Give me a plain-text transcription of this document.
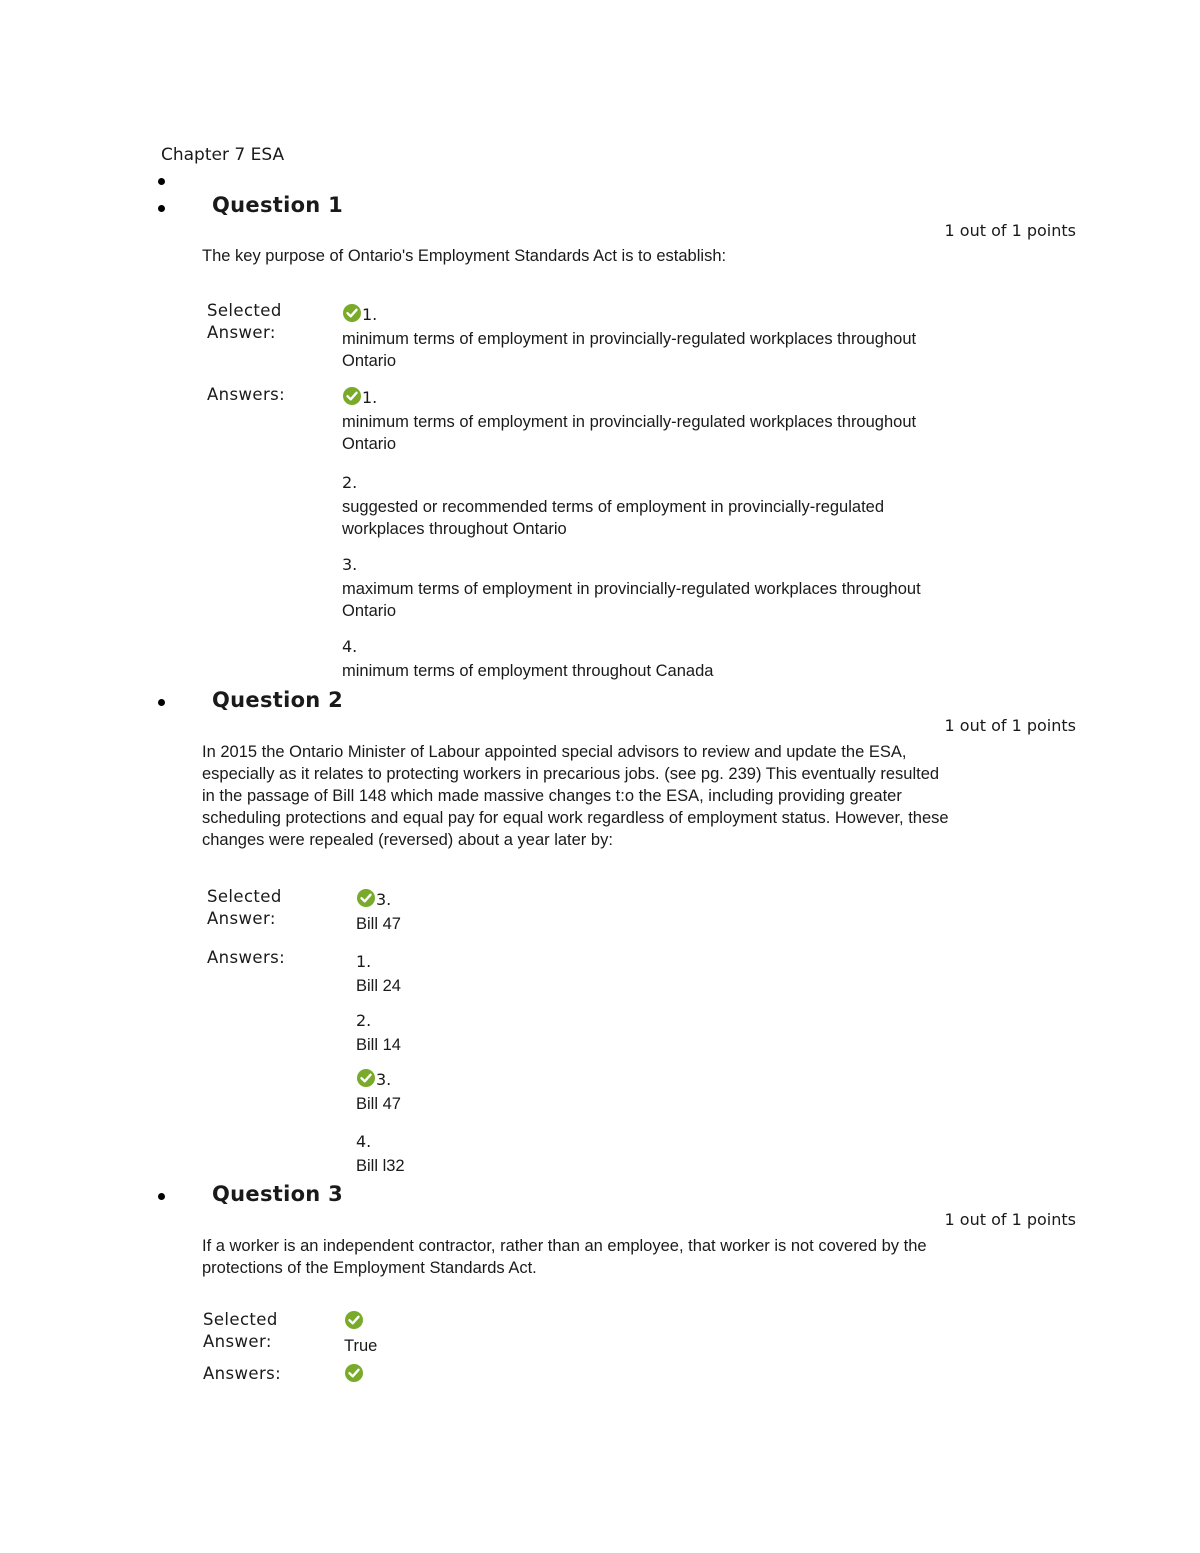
Chapter 7 ESA
Question 1
1 out of 1 points
The key purpose of Ontario's Employment Standards Act is to establish:
Selected
Answer:
1.
minimum terms of employment in provincially-regulated workplaces throughout
Ontario
Answers:	1.
minimum terms of employment in provincially-regulated workplaces throughout
Ontario
2.
suggested or recommended terms of employment in provincially-regulated
workplaces throughout Ontario
3.
maximum terms of employment in provincially-regulated workplaces throughout
Ontario
4.
minimum terms of employment throughout Canada
Question 2
1 out of 1 points
In 2015 the Ontario Minister of Labour appointed special advisors to review and update the ESA,
especially as it relates to protecting workers in precarious jobs. (see pg. 239) This eventually resulted
in the passage of Bill 148 which made massive changes t:o the ESA, including providing greater
scheduling protections and equal pay for equal work regardless of employment status. However, these
changes were repealed (reversed) about a year later by:
Selected
Answer:
3.
Bill 47
Answers:	1.
Bill 24
2.
Bill 14
3.
Bill 47
4.
Bill l32
Question 3
1 out of 1 points
If a worker is an independent contractor, rather than an employee, that worker is not covered by the
protections of the Employment Standards Act.
Selected
Answer:	True
Answers:
